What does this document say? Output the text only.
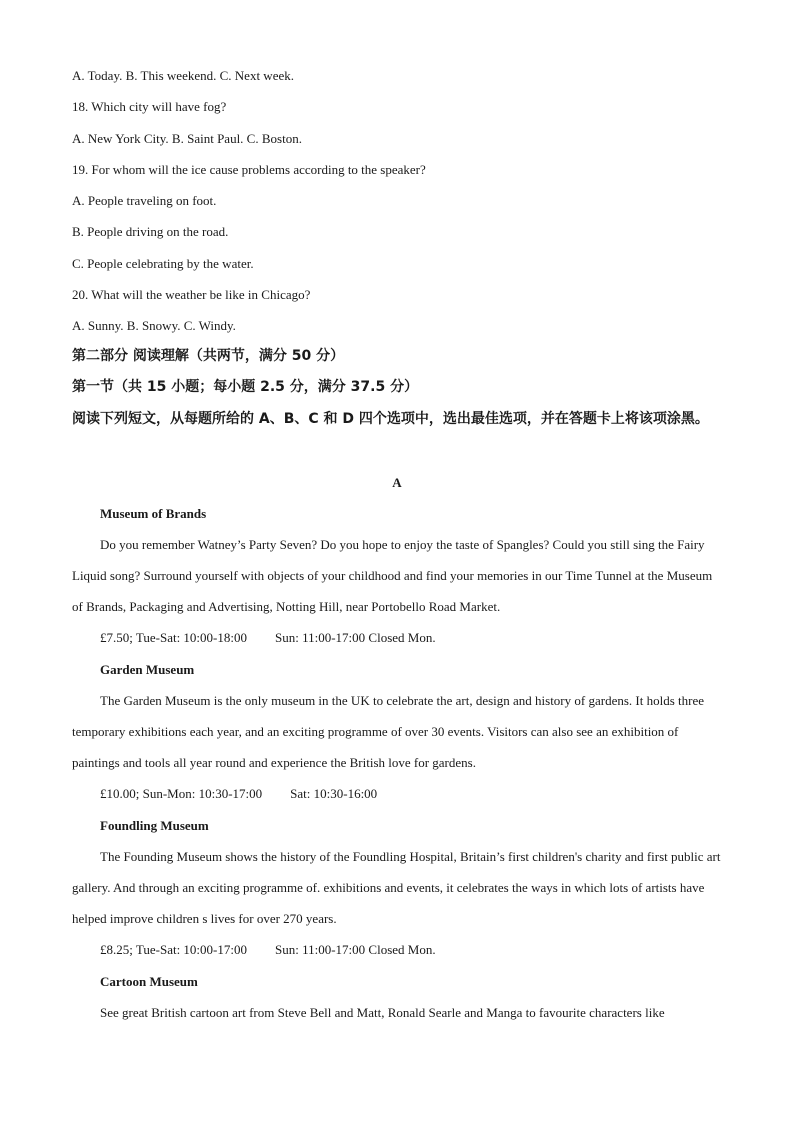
A. Today. B. This weekend. C. Next week.
18. Which city will have fog?
A. New York City. B. Saint Paul. C. Boston.
19. For whom will the ice cause problems according to the speaker?
A. People traveling on foot.
B. People driving on the road.
C. People celebrating by the water.
20. What will the weather be like in Chicago?
A. Sunny. B. Snowy. C. Windy.
第二部分 阅读理解（共两节，满分 50 分）
第一节（共 15 小题；每小题 2.5 分，满分 37.5 分）
阅读下列短文，从每题所给的 A、B、C 和 D 四个选项中，选出最佳选项，并在答题卡上将该项涂黑。
A
Museum of Brands
Do you remember Watney’s Party Seven? Do you hope to enjoy the taste of Spangles? Could you still sing the Fairy Liquid song? Surround yourself with objects of your childhood and find your memories in our Time Tunnel at the Museum of Brands, Packaging and Advertising, Notting Hill, near Portobello Road Market.
£7.50; Tue-Sat: 10:00-18:00 Sun: 11:00-17:00 Closed Mon.
Garden Museum
The Garden Museum is the only museum in the UK to celebrate the art, design and history of gardens. It holds three temporary exhibitions each year, and an exciting programme of over 30 events. Visitors can also see an exhibition of paintings and tools all year round and experience the British love for gardens.
£10.00; Sun-Mon: 10:30-17:00 Sat: 10:30-16:00
Foundling Museum
The Founding Museum shows the history of the Foundling Hospital, Britain’s first children's charity and first public art gallery. And through an exciting programme of. exhibitions and events, it celebrates the ways in which lots of artists have helped improve children s lives for over 270 years.
£8.25; Tue-Sat: 10:00-17:00 Sun: 11:00-17:00 Closed Mon.
Cartoon Museum
See great British cartoon art from Steve Bell and Matt, Ronald Searle and Manga to favourite characters like
